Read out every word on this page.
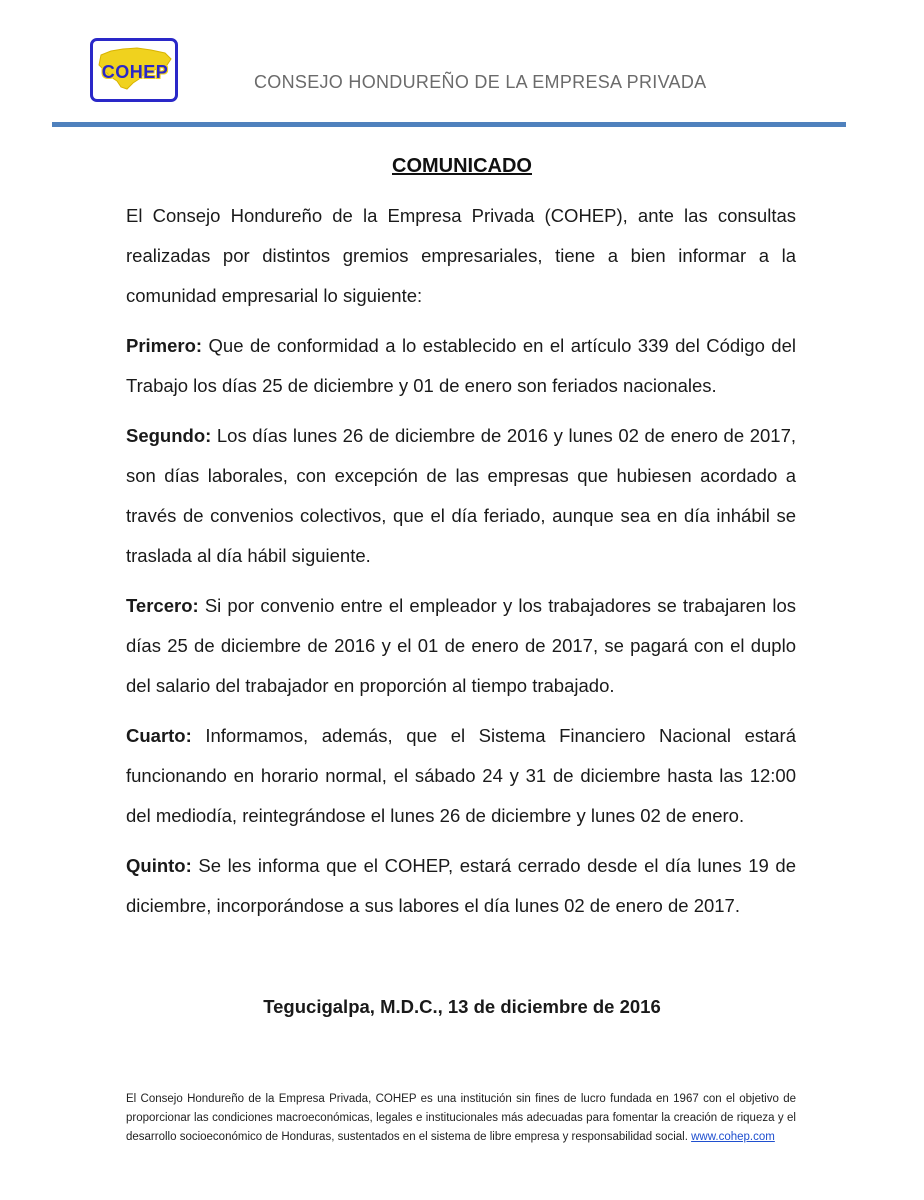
COHEP	CONSEJO HONDUREÑO DE LA EMPRESA PRIVADA
COMUNICADO

El Consejo Hondureño de la Empresa Privada (COHEP), ante las consultas realizadas por distintos gremios empresariales, tiene a bien informar a la comunidad empresarial lo siguiente:

Primero: Que de conformidad a lo establecido en el artículo 339 del Código del Trabajo los días 25 de diciembre y 01 de enero son feriados nacionales.

Segundo: Los días lunes 26 de diciembre de 2016 y lunes 02 de enero de 2017, son días laborales, con excepción de las empresas que hubiesen acordado a través de convenios colectivos, que el día feriado, aunque sea en día inhábil se traslada al día hábil siguiente.

Tercero: Si por convenio entre el empleador y los trabajadores se trabajaren los días 25 de diciembre de 2016 y el 01 de enero de 2017, se pagará con el duplo del salario del trabajador en proporción al tiempo trabajado.

Cuarto: Informamos, además, que el Sistema Financiero Nacional estará funcionando en horario normal, el sábado 24 y 31 de diciembre hasta las 12:00 del mediodía, reintegrándose el lunes 26 de diciembre y lunes 02 de enero.

Quinto: Se les informa que el COHEP, estará cerrado desde el día lunes 19 de diciembre, incorporándose a sus labores el día lunes 02 de enero de 2017.

Tegucigalpa, M.D.C., 13 de diciembre de 2016
El Consejo Hondureño de la Empresa Privada, COHEP es una institución sin fines de lucro fundada en 1967 con el objetivo de proporcionar las condiciones macroeconómicas, legales e institucionales más adecuadas para fomentar la creación de riqueza y el desarrollo socioeconómico de Honduras, sustentados en el sistema de libre empresa y responsabilidad social. www.cohep.com
